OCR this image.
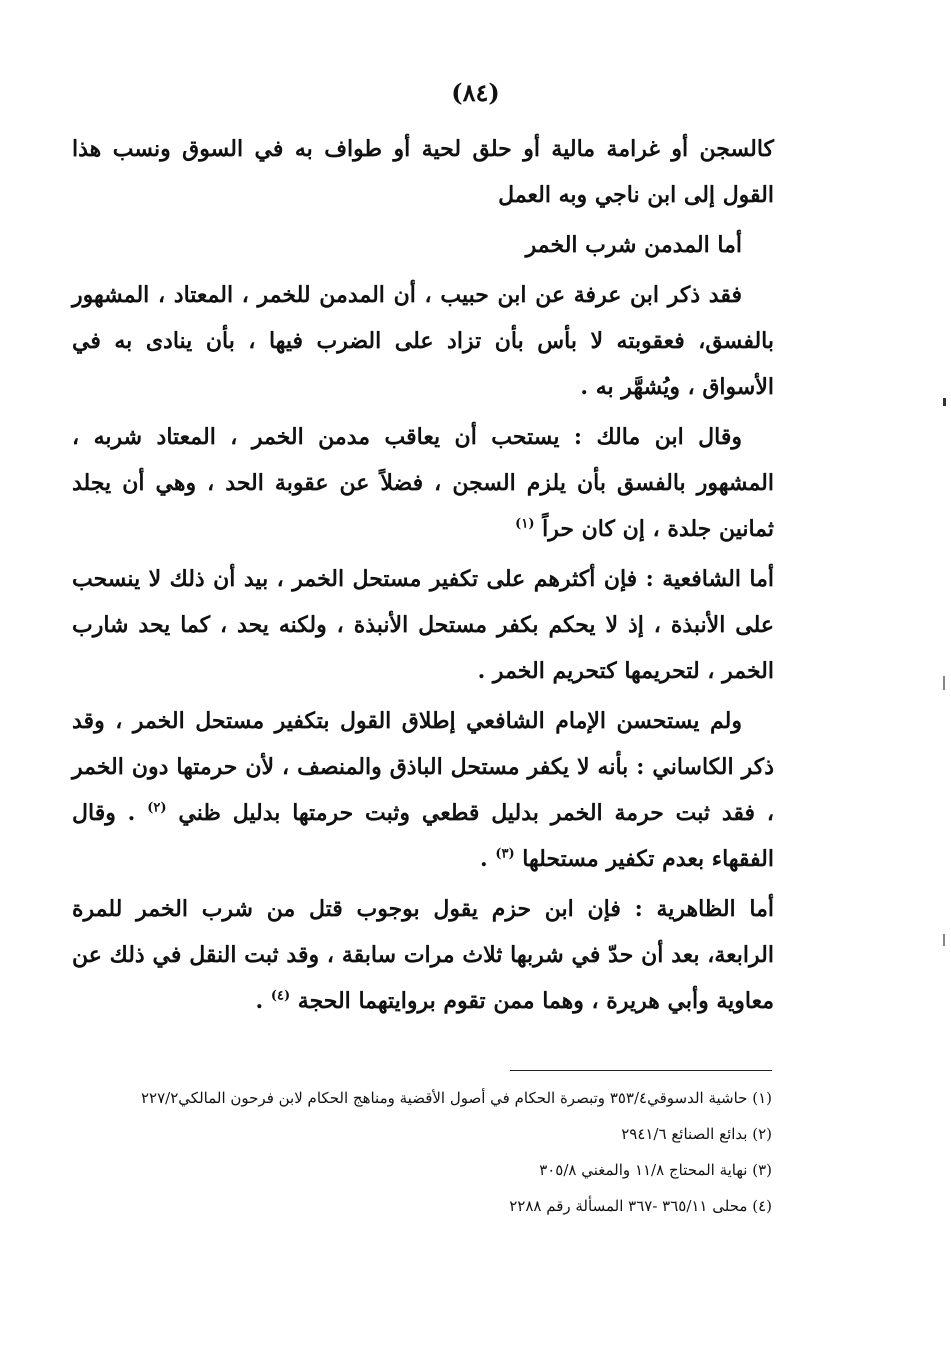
(٨٤)

كالسجن أو غرامة مالية أو حلق لحية أو طواف به في السوق ونسب هذا القول إلى ابن ناجي وبه العمل

أما المدمن شرب الخمر

فقد ذكر ابن عرفة عن ابن حبيب ، أن المدمن للخمر ، المعتاد ، المشهور بالفسق، فعقوبته لا بأس بأن تزاد على الضرب فيها ، بأن ينادى به في الأسواق ، ويُشهَّر به .

وقال ابن مالك : يستحب أن يعاقب مدمن الخمر ، المعتاد شربه ، المشهور بالفسق بأن يلزم السجن ، فضلاً عن عقوبة الحد ، وهي أن يجلد ثمانين جلدة ، إن كان حراً $^{(١)}$

أما الشافعية : فإن أكثرهم على تكفير مستحل الخمر ، بيد أن ذلك لا ينسحب على الأنبذة ، إذ لا يحكم بكفر مستحل الأنبذة ، ولكنه يحد ، كما يحد شارب الخمر ، لتحريمها كتحريم الخمر .

ولم يستحسن الإمام الشافعي إطلاق القول بتكفير مستحل الخمر ، وقد ذكر الكاساني : بأنه لا يكفر مستحل الباذق والمنصف ، لأن حرمتها دون الخمر ، فقد ثبت حرمة الخمر بدليل قطعي وثبت حرمتها بدليل ظني $^{(٢)}$ . وقال الفقهاء بعدم تكفير مستحلها $^{(٣)}$ .

أما الظاهرية : فإن ابن حزم يقول بوجوب قتل من شرب الخمر للمرة الرابعة، بعد أن حدّ في شربها ثلاث مرات سابقة ، وقد ثبت النقل في ذلك عن معاوية وأبي هريرة ، وهما ممن تقوم بروايتهما الحجة $^{(٤)}$ .

(١) حاشية الدسوقي٣٥٣/٤ وتبصرة الحكام في أصول الأقضية ومناهج الحكام لابن فرحون المالكي٢٢٧/٢
(٢) بدائع الصنائع ٢٩٤١/٦
(٣) نهاية المحتاج ١١/٨ والمغني ٣٠٥/٨
(٤) محلى ٣٦٥/١١ -٣٦٧ المسألة رقم ٢٢٨٨
